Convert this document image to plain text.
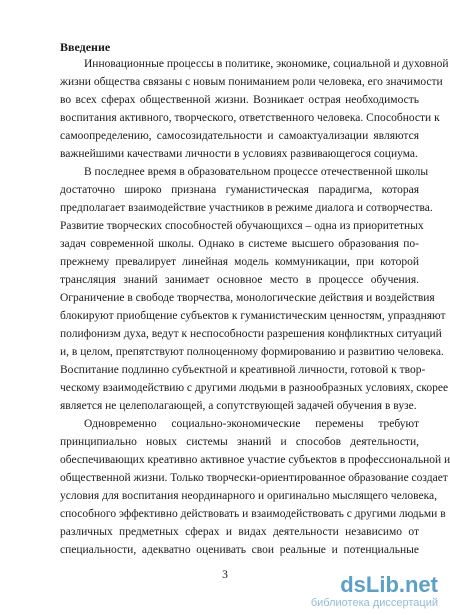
Введение
Инновационные процессы в политике, экономике, социальной и духовной
жизни общества связаны с новым пониманием роли человека, его значимости
во всех сферах общественной жизни. Возникает острая необходимость
воспитания активного, творческого, ответственного человека. Способности к
самоопределению, самосозидательности и самоактуализации являются
важнейшими качествами личности в условиях развивающегося социума.
В последнее время в образовательном процессе отечественной школы
достаточно широко признана гуманистическая парадигма, которая
предполагает взаимодействие участников в режиме диалога и сотворчества.
Развитие творческих способностей обучающихся – одна из приоритетных
задач современной школы. Однако в системе высшего образования по-
прежнему превалирует линейная модель коммуникации, при которой
трансляция знаний занимает основное место в процессе обучения.
Ограничение в свободе творчества, монологические действия и воздействия
блокируют приобщение субъектов к гуманистическим ценностям, упраздняют
полифонизм духа, ведут к неспособности разрешения конфликтных ситуаций
и, в целом, препятствуют полноценному формированию и развитию человека.
Воспитание подлинно субъектной и креативной личности, готовой к твор-
ческому взаимодействию с другими людьми в разнообразных условиях, скорее
является не целеполагающей, а сопутствующей задачей обучения в вузе.
Одновременно социально-экономические перемены требуют
принципиально новых системы знаний и способов деятельности,
обеспечивающих креативно активное участие субъектов в профессиональной и
общественной жизни. Только творчески-ориентированное образование создает
условия для воспитания неординарного и оригинально мыслящего человека,
способного эффективно действовать и взаимодействовать с другими людьми в
различных предметных сферах и видах деятельности независимо от
специальности, адекватно оценивать свои реальные и потенциальные
3	dsLib.net
библиотека диссертаций
